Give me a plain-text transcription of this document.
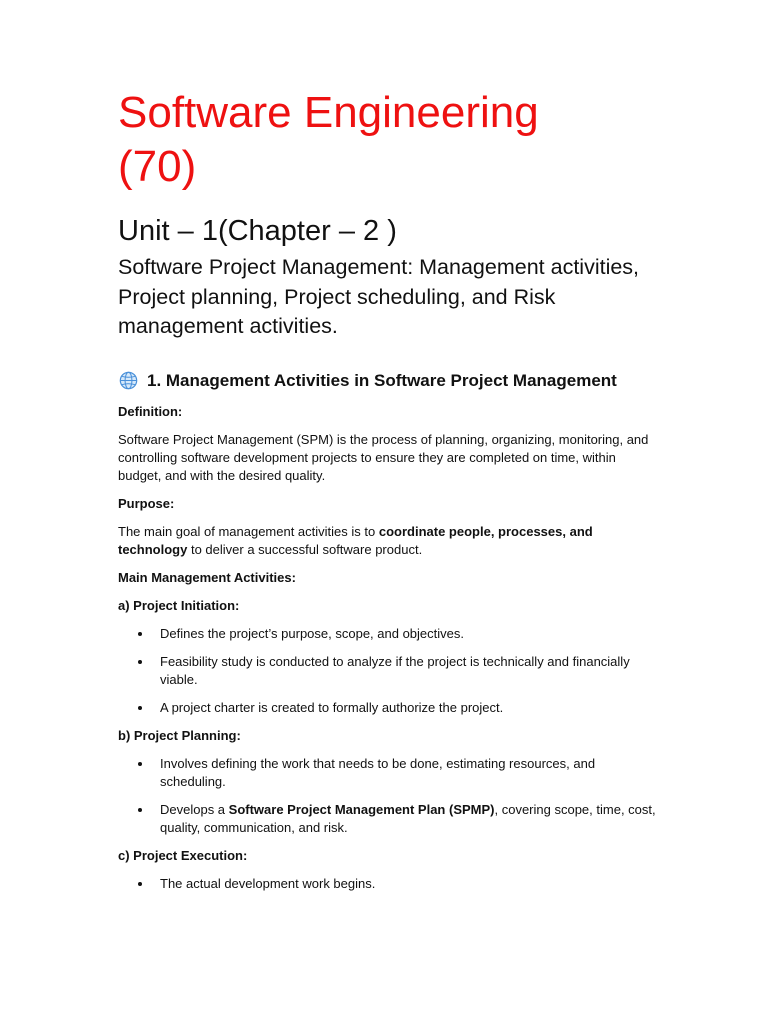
Software Engineering
(70)
Unit – 1(Chapter – 2 )
Software Project Management: Management activities, Project planning, Project scheduling, and Risk management activities.
1. Management Activities in Software Project Management
Definition:
Software Project Management (SPM) is the process of planning, organizing, monitoring, and controlling software development projects to ensure they are completed on time, within budget, and with the desired quality.
Purpose:
The main goal of management activities is to coordinate people, processes, and technology to deliver a successful software product.
Main Management Activities:
a) Project Initiation:
Defines the project’s purpose, scope, and objectives.
Feasibility study is conducted to analyze if the project is technically and financially viable.
A project charter is created to formally authorize the project.
b) Project Planning:
Involves defining the work that needs to be done, estimating resources, and scheduling.
Develops a Software Project Management Plan (SPMP), covering scope, time, cost, quality, communication, and risk.
c) Project Execution:
The actual development work begins.
